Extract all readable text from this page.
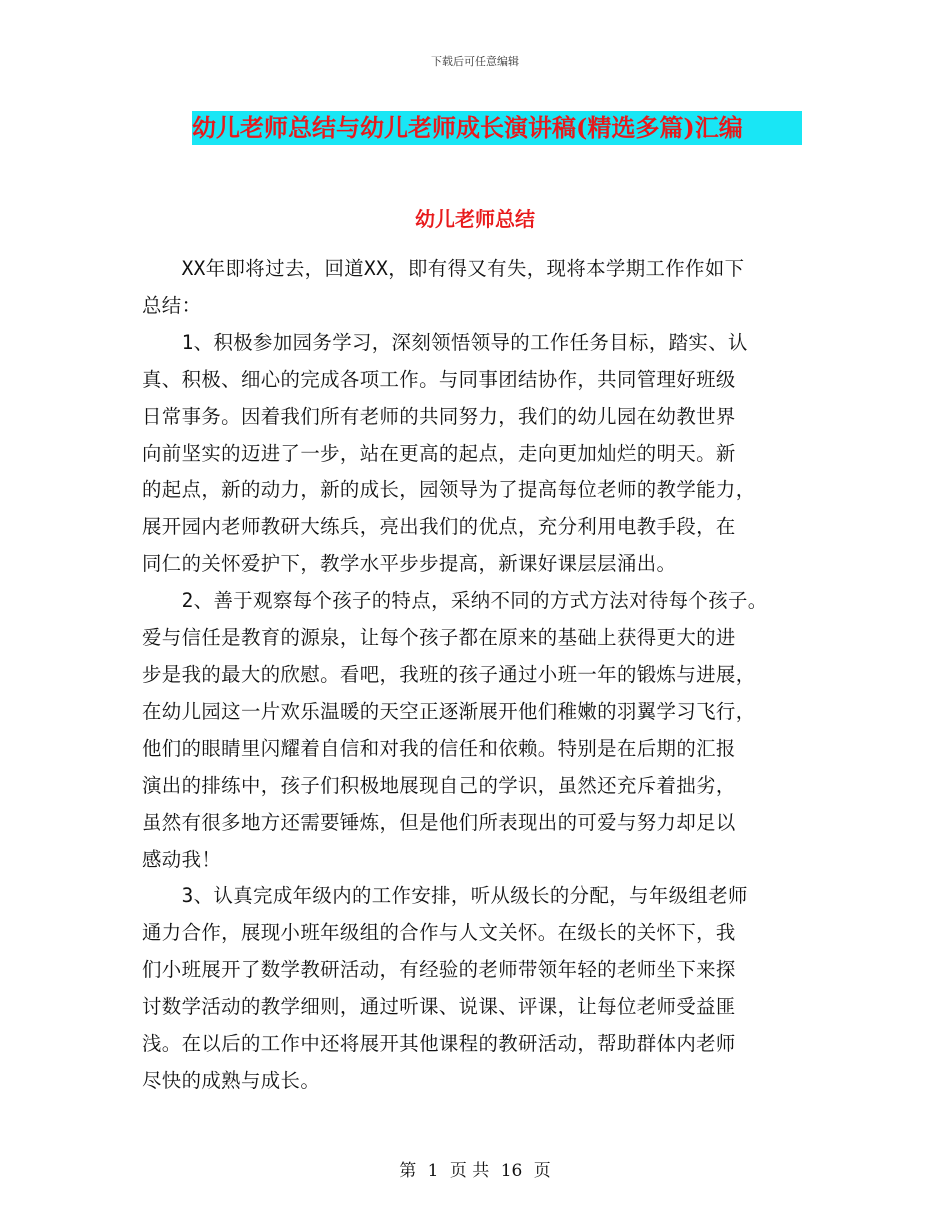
下载后可任意编辑
幼儿老师总结与幼儿老师成长演讲稿(精选多篇)汇编
幼儿老师总结
　　XX年即将过去，回道XX，即有得又有失，现将本学期工作作如下
总结：
　　1、积极参加园务学习，深刻领悟领导的工作任务目标，踏实、认
真、积极、细心的完成各项工作。与同事团结协作，共同管理好班级
日常事务。因着我们所有老师的共同努力，我们的幼儿园在幼教世界
向前坚实的迈进了一步，站在更高的起点，走向更加灿烂的明天。新
的起点，新的动力，新的成长，园领导为了提高每位老师的教学能力，
展开园内老师教研大练兵，亮出我们的优点，充分利用电教手段，在
同仁的关怀爱护下，教学水平步步提高，新课好课层层涌出。
　　2、善于观察每个孩子的特点，采纳不同的方式方法对待每个孩子。
爱与信任是教育的源泉，让每个孩子都在原来的基础上获得更大的进
步是我的最大的欣慰。看吧，我班的孩子通过小班一年的锻炼与进展，
在幼儿园这一片欢乐温暖的天空正逐渐展开他们稚嫩的羽翼学习飞行，
他们的眼睛里闪耀着自信和对我的信任和依赖。特别是在后期的汇报
演出的排练中，孩子们积极地展现自己的学识，虽然还充斥着拙劣，
虽然有很多地方还需要锤炼，但是他们所表现出的可爱与努力却足以
感动我！
　　3、认真完成年级内的工作安排，听从级长的分配，与年级组老师
通力合作，展现小班年级组的合作与人文关怀。在级长的关怀下，我
们小班展开了数学教研活动，有经验的老师带领年轻的老师坐下来探
讨数学活动的教学细则，通过听课、说课、评课，让每位老师受益匪
浅。在以后的工作中还将展开其他课程的教研活动，帮助群体内老师
尽快的成熟与成长。
第 1 页 共 16 页
